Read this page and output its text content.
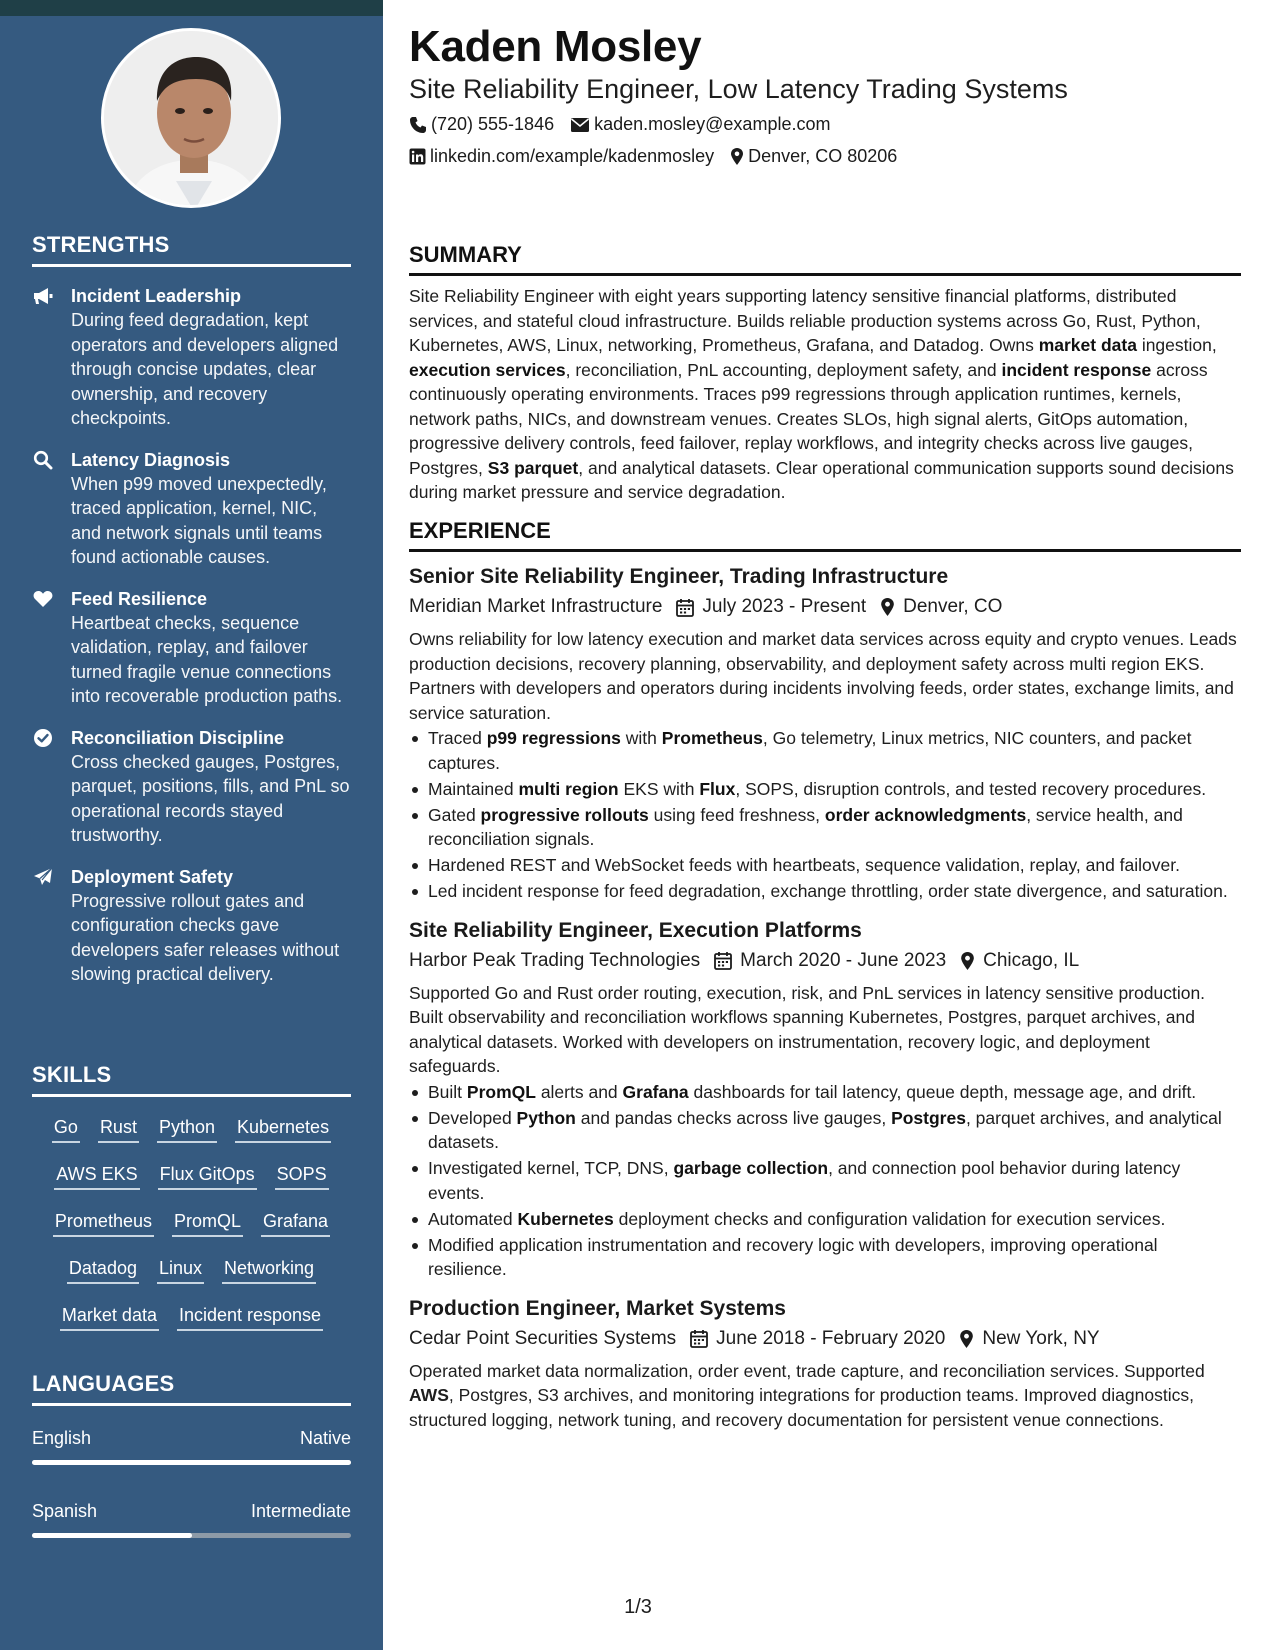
STRENGTHS
Incident Leadership
During feed degradation, kept operators and developers aligned through concise updates, clear ownership, and recovery checkpoints.
Latency Diagnosis
When p99 moved unexpectedly, traced application, kernel, NIC, and network signals until teams found actionable causes.
Feed Resilience
Heartbeat checks, sequence validation, replay, and failover turned fragile venue connections into recoverable production paths.
Reconciliation Discipline
Cross checked gauges, Postgres, parquet, positions, fills, and PnL so operational records stayed trustworthy.
Deployment Safety
Progressive rollout gates and configuration checks gave developers safer releases without slowing practical delivery.
SKILLS
Go Rust Python Kubernetes
AWS EKS Flux GitOps SOPS
Prometheus PromQL Grafana
Datadog Linux Networking
Market data Incident response
LANGUAGES
English	Native
Spanish	Intermediate
Kaden Mosley
Site Reliability Engineer, Low Latency Trading Systems
(720) 555-1846 kaden.mosley@example.com
linkedin.com/example/kadenmosley Denver, CO 80206
SUMMARY

Site Reliability Engineer with eight years supporting latency sensitive financial platforms, distributed services, and stateful cloud infrastructure. Builds reliable production systems across Go, Rust, Python, Kubernetes, AWS, Linux, networking, Prometheus, Grafana, and Datadog. Owns market data ingestion, execution services, reconciliation, PnL accounting, deployment safety, and incident response across continuously operating environments. Traces p99 regressions through application runtimes, kernels, network paths, NICs, and downstream venues. Creates SLOs, high signal alerts, GitOps automation, progressive delivery controls, feed failover, replay workflows, and integrity checks across live gauges, Postgres, S3 parquet, and analytical datasets. Clear operational communication supports sound decisions during market pressure and service degradation.

EXPERIENCE
Senior Site Reliability Engineer, Trading Infrastructure
Meridian Market Infrastructure July 2023 - Present Denver, CO

Owns reliability for low latency execution and market data services across equity and crypto venues. Leads production decisions, recovery planning, observability, and deployment safety across multi region EKS. Partners with developers and operators during incidents involving feeds, order states, exchange limits, and service saturation.

Traced p99 regressions with Prometheus, Go telemetry, Linux metrics, NIC counters, and packet captures.
Maintained multi region EKS with Flux, SOPS, disruption controls, and tested recovery procedures.
Gated progressive rollouts using feed freshness, order acknowledgments, service health, and reconciliation signals.
Hardened REST and WebSocket feeds with heartbeats, sequence validation, replay, and failover.
Led incident response for feed degradation, exchange throttling, order state divergence, and saturation.
Site Reliability Engineer, Execution Platforms
Harbor Peak Trading Technologies March 2020 - June 2023 Chicago, IL

Supported Go and Rust order routing, execution, risk, and PnL services in latency sensitive production. Built observability and reconciliation workflows spanning Kubernetes, Postgres, parquet archives, and analytical datasets. Worked with developers on instrumentation, recovery logic, and deployment safeguards.

Built PromQL alerts and Grafana dashboards for tail latency, queue depth, message age, and drift.
Developed Python and pandas checks across live gauges, Postgres, parquet archives, and analytical datasets.
Investigated kernel, TCP, DNS, garbage collection, and connection pool behavior during latency events.
Automated Kubernetes deployment checks and configuration validation for execution services.
Modified application instrumentation and recovery logic with developers, improving operational resilience.
Production Engineer, Market Systems
Cedar Point Securities Systems June 2018 - February 2020 New York, NY

Operated market data normalization, order event, trade capture, and reconciliation services. Supported AWS, Postgres, S3 archives, and monitoring integrations for production teams. Improved diagnostics, structured logging, network tuning, and recovery documentation for persistent venue connections.

1/3
